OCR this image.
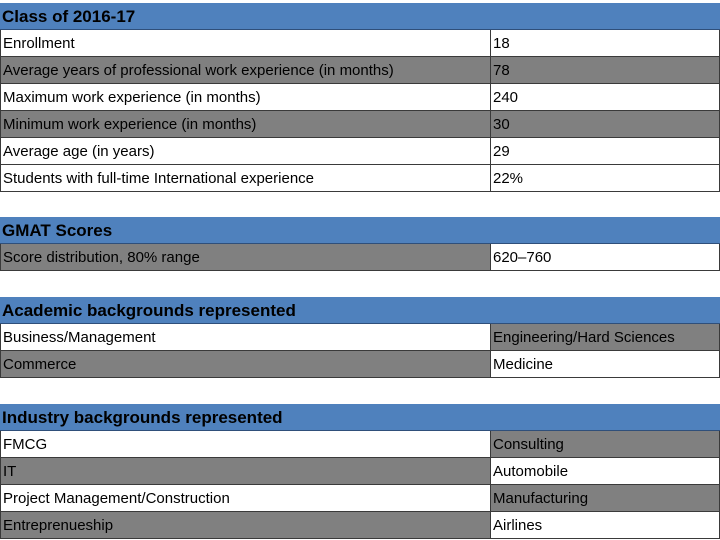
Class of 2016-17
Enrollment	18
Average years of professional work experience (in months)	78
Maximum work experience (in months)	240
Minimum work experience (in months)	30
Average age (in years)	29
Students with full-time International experience	22%
GMAT Scores
Score distribution, 80% range	620–760
Academic backgrounds represented
Business/Management	Engineering/Hard Sciences
Commerce	Medicine
Industry backgrounds represented
FMCG	Consulting
IT	Automobile
Project Management/Construction	Manufacturing
Entreprenueship	Airlines
